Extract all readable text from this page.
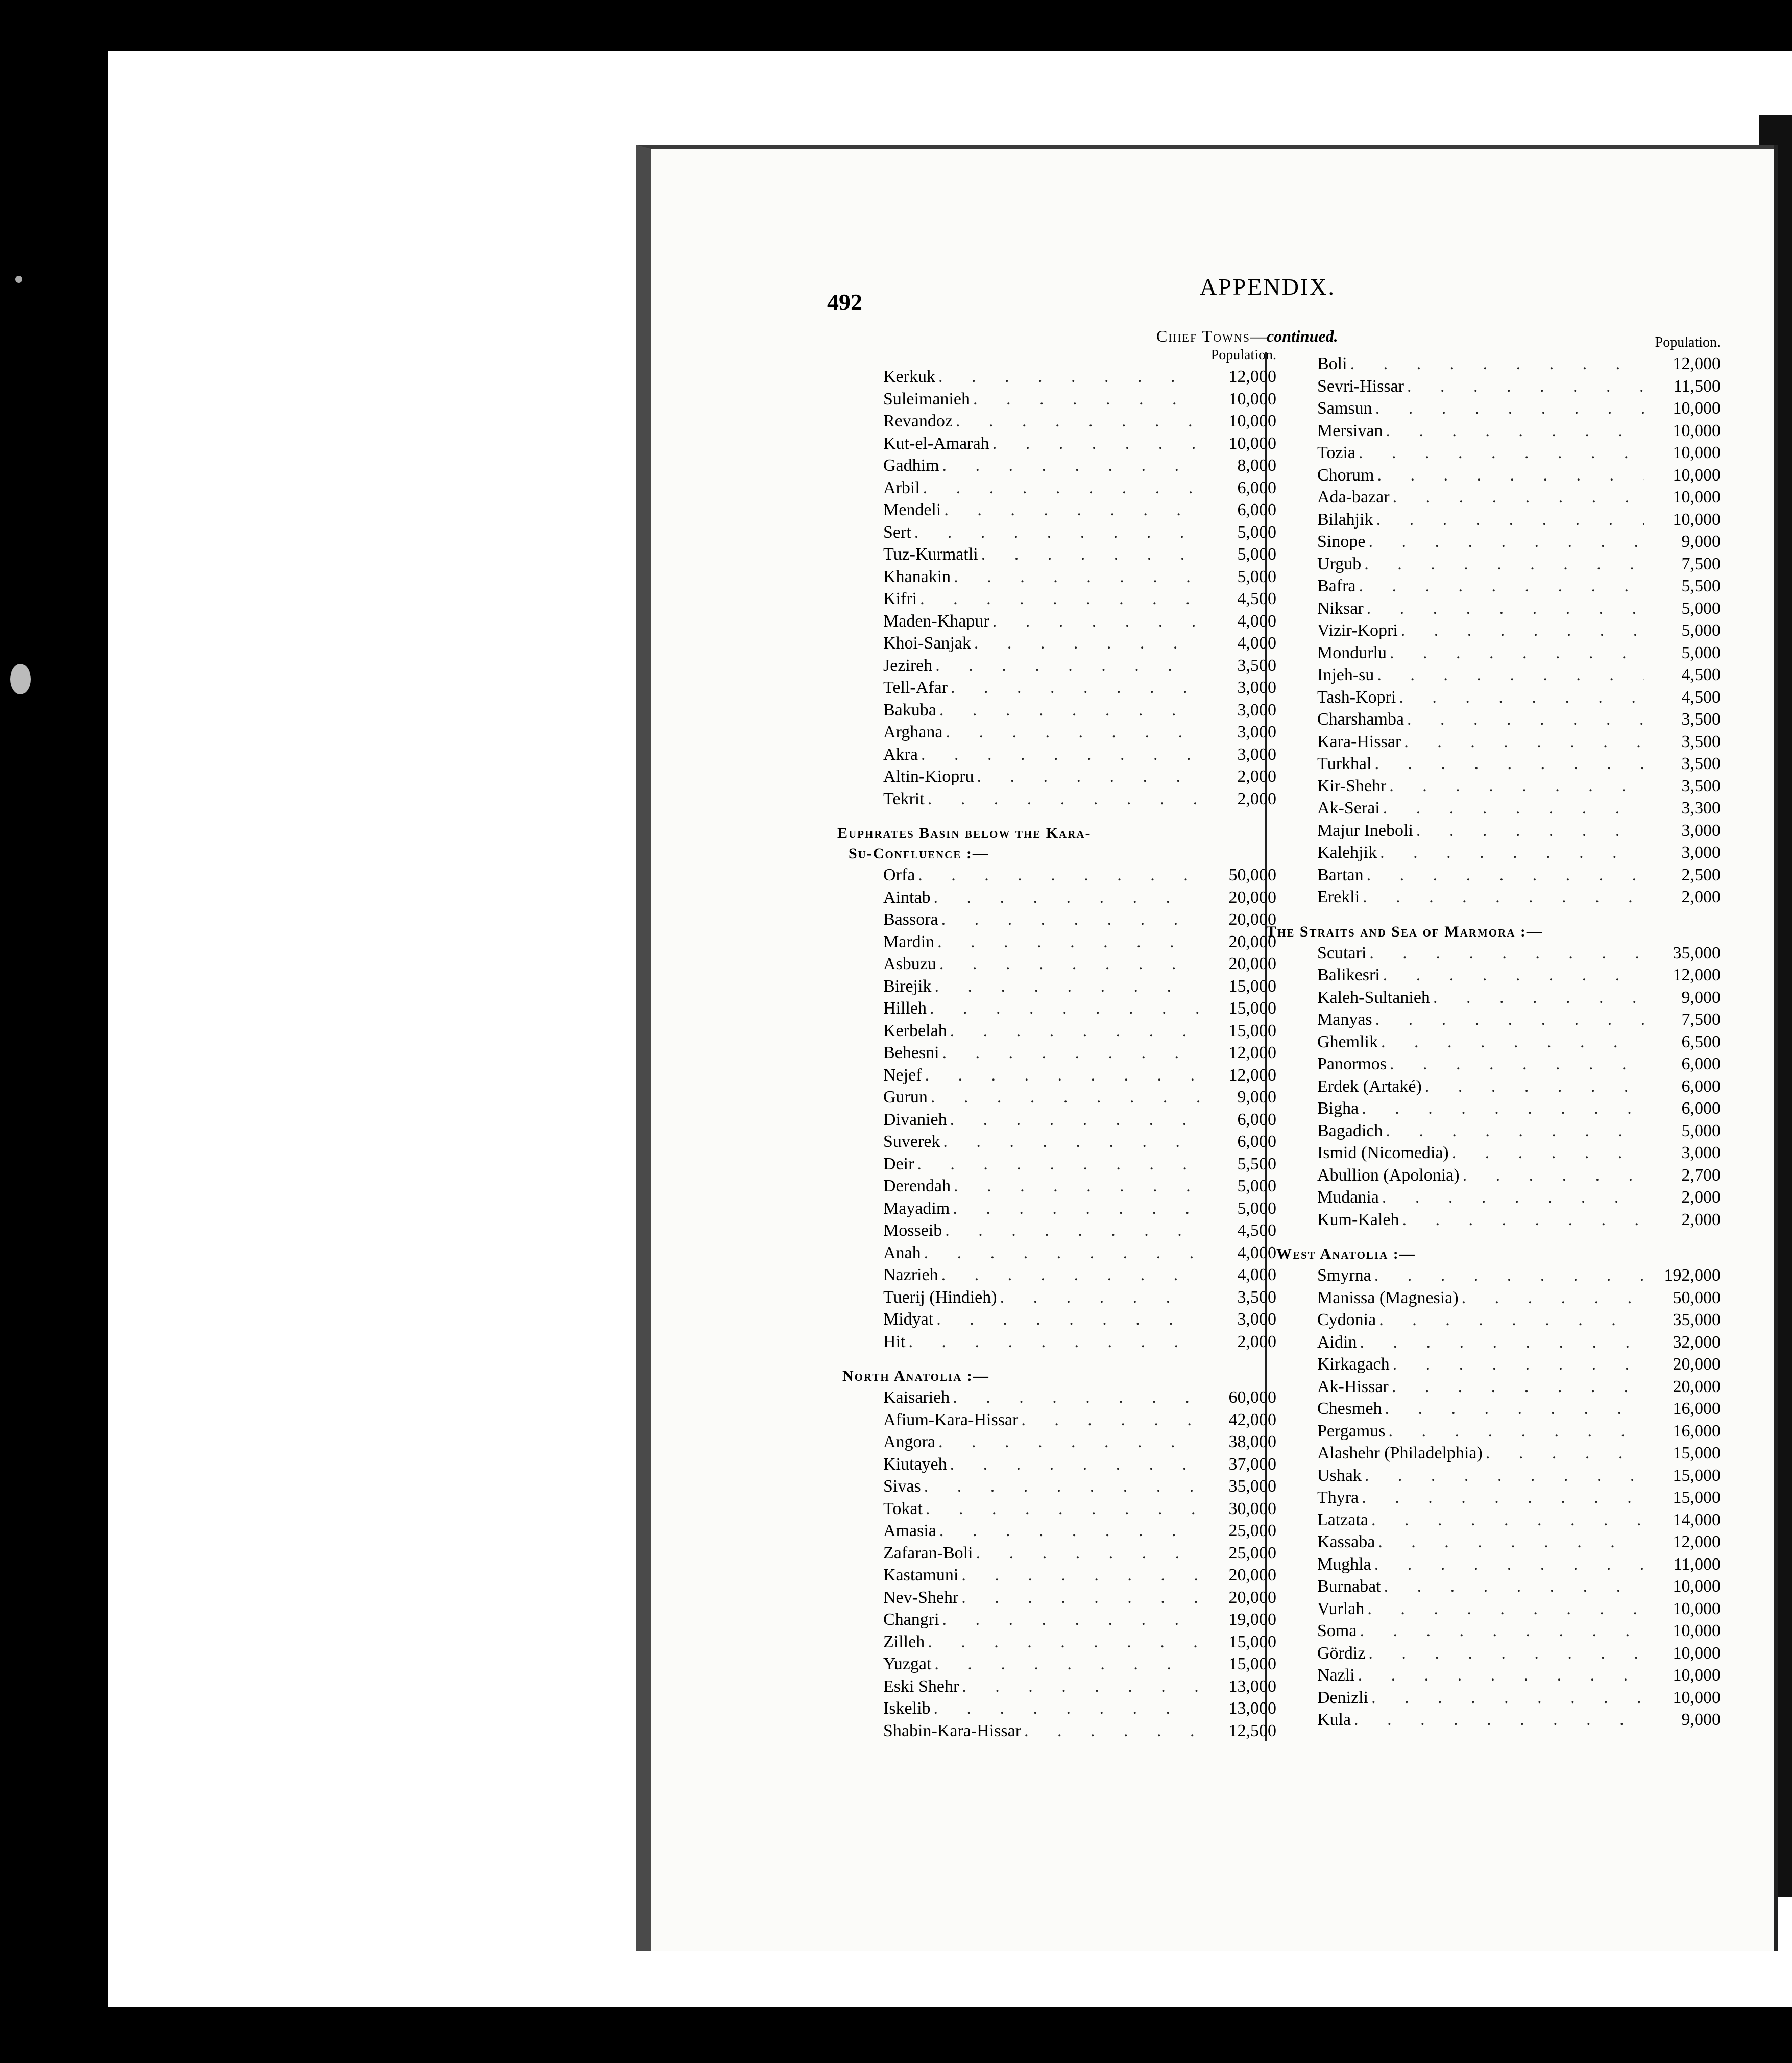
492
APPENDIX.
Chief Towns—continued.
Population.
Kerkuk . . .	12,000
Suleimanieh . . .	10,000
Revandoz . . .	10,000
Kut-el-Amarah . . .	10,000
Gadhim . . .	8,000
Arbil . . .	6,000
Mendeli . . .	6,000
Sert . . .	5,000
Tuz-Kurmatli . . .	5,000
Khanakin . . .	5,000
Kifri . . .	4,500
Maden-Khapur . . .	4,000
Khoi-Sanjak . . .	4,000
Jezireh . . .	3,500
Tell-Afar . . .	3,000
Bakuba . . .	3,000
Arghana . . .	3,000
Akra . . .	3,000
Altin-Kiopru . . .	2,000
Tekrit . . .	2,000
Euphrates Basin below the Kara-
Su-Confluence :—
Orfa . . .	50,000
Aintab . . .	20,000
Bassora . . .	20,000
Mardin . . .	20,000
Asbuzu . . .	20,000
Birejik . . .	15,000
Hilleh . . .	15,000
Kerbelah . . .	15,000
Behesni . . .	12,000
Nejef . . .	12,000
Gurun . . .	9,000
Divanieh . . .	6,000
Suverek . . .	6,000
Deir . . .	5,500
Derendah . . .	5,000
Mayadim . . .	5,000
Mosseib . . .	4,500
Anah . . .	4,000
Nazrieh . . .	4,000
Tuerij (Hindieh) . . .	3,500
Midyat . . .	3,000
Hit . . .	2,000
North Anatolia :—
Kaisarieh . . .	60,000
Afium-Kara-Hissar . . .	42,000
Angora . . .	38,000
Kiutayeh . . .	37,000
Sivas . . .	35,000
Tokat . . .	30,000
Amasia . . .	25,000
Zafaran-Boli . . .	25,000
Kastamuni . . .	20,000
Nev-Shehr . . .	20,000
Changri . . .	19,000
Zilleh . . .	15,000
Yuzgat . . .	15,000
Eski Shehr . . .	13,000
Iskelib . . .	13,000
Shabin-Kara-Hissar . . .	12,500
Population.
Boli . . .	12,000
Sevri-Hissar . . .	11,500
Samsun . . .	10,000
Mersivan . . .	10,000
Tozia . . .	10,000
Chorum . . .	10,000
Ada-bazar . . .	10,000
Bilahjik . . .	10,000
Sinope . . .	9,000
Urgub . . .	7,500
Bafra . . .	5,500
Niksar . . .	5,000
Vizir-Kopri . . .	5,000
Mondurlu . . .	5,000
Injeh-su . . .	4,500
Tash-Kopri . . .	4,500
Charshamba . . .	3,500
Kara-Hissar . . .	3,500
Turkhal . . .	3,500
Kir-Shehr . . .	3,500
Ak-Serai . . .	3,300
Majur Ineboli . . .	3,000
Kalehjik . . .	3,000
Bartan . . .	2,500
Erekli . . .	2,000
The Straits and Sea of Marmora :—
Scutari . . .	35,000
Balikesri . . .	12,000
Kaleh-Sultanieh . . .	9,000
Manyas . . .	7,500
Ghemlik . . .	6,500
Panormos . . .	6,000
Erdek (Artaké) . . .	6,000
Bigha . . .	6,000
Bagadich . . .	5,000
Ismid (Nicomedia) . . .	3,000
Abullion (Apolonia) . . .	2,700
Mudania . . .	2,000
Kum-Kaleh . . .	2,000
West Anatolia :—
Smyrna . . .	192,000
Manissa (Magnesia) . . .	50,000
Cydonia . . .	35,000
Aidin . . .	32,000
Kirkagach . . .	20,000
Ak-Hissar . . .	20,000
Chesmeh . . .	16,000
Pergamus . . .	16,000
Alashehr (Philadelphia) . . .	15,000
Ushak . . .	15,000
Thyra . . .	15,000
Latzata . . .	14,000
Kassaba . . .	12,000
Mughla . . .	11,000
Burnabat . . .	10,000
Vurlah . . .	10,000
Soma . . .	10,000
Gördiz . . .	10,000
Nazli . . .	10,000
Denizli . . .	10,000
Kula . . .	9,000
